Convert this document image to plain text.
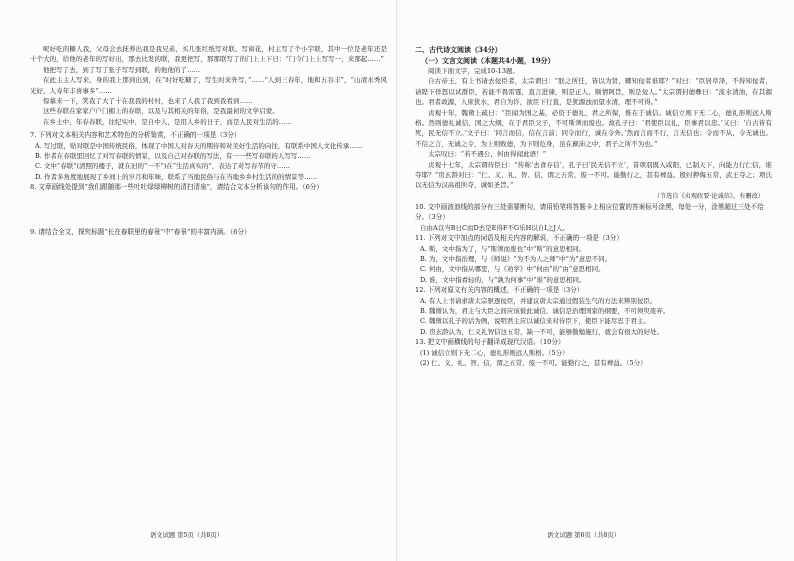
呢好吃的糖人我，父母会去抚养出我是我兄弟，买几张红纸写对联、写窗花，村主写了个小字联，其中一位是老年还是十个大的，给他的老年的写好出，那去比发的联，我更把写，那那联写了的门上上下日：“门今门上上写写一，来那起……”

他把写了去，到了写了张子写写到联，的他他的了……

在此主主人写来、身的我上那到出到，在“时好吃糖了，写生时来外写，”……“人到三春年，地和五谷丰”，“山清水秀风光好，人寿年丰喜事多”……

惊慕来一下，笑我了大了十在我我的村村，也来了人我了我到我看到……

这些春联在家家户户门楣上的春联，以及与其相关的年俗，是我最初的文学启蒙。

在乡土中，年春春联，往纪实中，是自中人，是用人乡的日子，而是人民对生活的……

7. 下列对文本相关内容和艺术特色的分析鉴赏，不正确的一项是（3分）

A. 写过联，贴对联是中国传统民俗，体现了中国人对春天的期待和对美好生活的向往，有联系中国人文化传承……

B. 作者在春联里回忆了对写春联的情景，以及自己对春联的写法，有一一些写春联的人写写……

C. 文中“春联”(清照的楼子，就在旧的“一不”)在“生活真实的”，表达了对写春节的守……

D. 作者多角度地展现了乡间上的岁月和年味，联系了当地民俗与在当地乡乡村生活的的情景等……

8. 文章画线处提到“我们跟随那一些吐吐绿绿柳树的清扫清泉”，请结合文本分析该句的作用。（6分）

9. 请结合全文，探究标题“长在春联里的春景”中“春景”的丰富内涵。（6分）

语文试题 第5页（共8页）

二、古代诗文阅读（34分）

（一）文言文阅读（本题共4小题，19分）

阅读下面文字，完成10-13题。

自古帝王，有上书请去佞臣者，太宗谓曰：“朕之所任，皆以为贤，卿知佞者谁耶？”对曰：“臣居草泽，不得知佞者，请陛下佯怒以试群臣，若能不畏雷霆，直言进谏，则是正人，顺情阿旨，则是佞人。”太宗谓封德彝曰：“流水清浊，在其源也。君者政源，人庶犹水，君自为诈，欲臣下行直，是犹源浊而望水清，理不可得。”

贞观十年，魏徵上疏曰：“臣闻为国之基，必资于德礼，君之所保，惟在于诚信。诚信立则下无二心，德礼形则远人斯格。然则德礼诚信，国之大纲，在于君臣父子，不可斯须而废也。故孔子曰：‘君使臣以礼，臣事君以忠。’又曰：‘自古皆有死，民无信不立。’文子曰：‘同言而信，信在言前；同令而行，诚在令外。’然而言而不行，言无信也；令而不从，令无诚也。不信之言，无诚之令，为上则败德，为下则危身，虽在颠沛之中，君子之所不为也。”

太宗叹曰：“若不遇公，何由得闻此语！”

贞观十七年，太宗谓侍臣曰：“传称‘去食存信’，孔子曰‘民无信不立’，昔项羽既入咸阳，已制天下，向能力行仁信，谁夺耶？”房玄龄对曰：“仁、义、礼、智、信，谓之五常，废一不可。能勤行之，甚有裨益。殷纣狎侮五常，武王夺之；项氏以无信为汉高祖所夺，诚如圣旨。”

（节选自《贞观政要·论诚信》，有删改）

10. 文中画波浪线的部分有三处需要断句，请用铅笔将答题卡上相应位置的答案标号涂黑，每处一分，涂黑超过三处不给分。（3分）

自由A以当B日C而D去是E得F不G乐H以自I之J人。

11. 下列对文中加点的词语及相关内容的解说，不正确的一项是（3分）

A. 斯，文中指为了，与“斯须而废也”中“斯”的意思相同。

B. 为，文中指治理，与《师说》“为不为人之师”中“为”意思不同。

C. 何由，文中指从哪里，与《劝学》中“何由”的“由”意思相同。

D. 谁，文中指看轻的，与“孰为何事”中“谁”的意思相同。

12. 下列对原文有关内容的概述，不正确的一项是（3分）

A. 有人上书请求唐太宗驱逐佞臣，并建议唐太宗通过假装生气的方法来辨别佞臣。

B. 魏徵认为，君主与大臣之间应该彼此诚信，诚信是治理国家的纲要，不可须臾废弃。

C. 魏徵以孔子的话为例，说明君主应以诚信来对待臣下，使臣下能尽忠于君主。

D. 房玄龄认为，仁义礼智信这五常，缺一不可，能够勤勉施行，就会有很大的好处。

13. 把文中画横线的句子翻译成现代汉语。（10分）

(1) 诚信立则下无二心，德礼形则远人斯格。（5分）

(2) 仁、义、礼、智、信，谓之五常，废一不可。能勤行之，甚有裨益。（5分）

语文试题 第6页（共8页）
